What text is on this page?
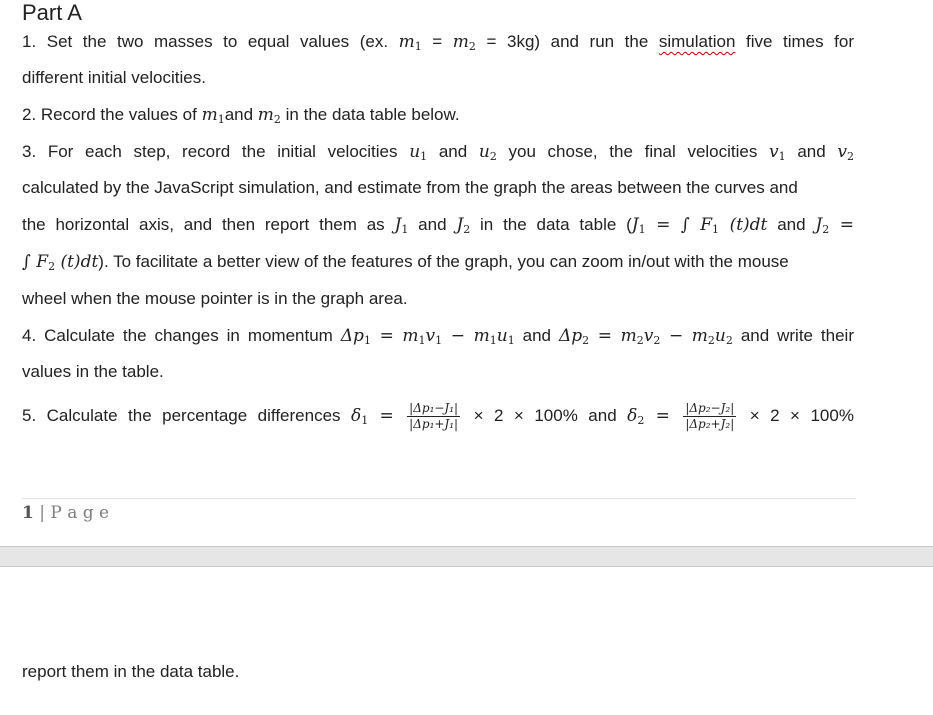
Part A
1. Set the two masses to equal values (ex. $m_1 = m_2 = 3kg$) and run the simulation five times for
different initial velocities.
2. Record the values of $m_1and$ $m_2$ in the data table below.
3. For each step, record the initial velocities $u_1$ and $u_2$ you chose, the final velocities $v_1$ and $v_2$
calculated by the JavaScript simulation, and estimate from the graph the areas between the curves and
the horizontal axis, and then report them as $J_1$ and $J_2$ in the data table ($J_1$ = ∫ $F_1$ (t)dt and $J_2$ =
∫ $F_2$ (t)dt). To facilitate a better view of the features of the graph, you can zoom in/out with the mouse
wheel when the mouse pointer is in the graph area.
4. Calculate the changes in momentum $\Delta p_1 = m_1v_1 - m_1u_1$ and $\Delta p_2 = m_2v_2 - m_2u_2$ and write their
values in the table.
5. Calculate the percentage differences $\delta_1 = \frac{\text{|Δp₁−J₁|}}{\text{|Δp₁+J₁|}} \times 2 \times 100\%$ and $\delta_2 = \frac{\text{|Δp₂−J₂|}}{\text{|Δp₂+J₂|}} \times 2 \times 100\%$
1 | P a g e
report them in the data table.
